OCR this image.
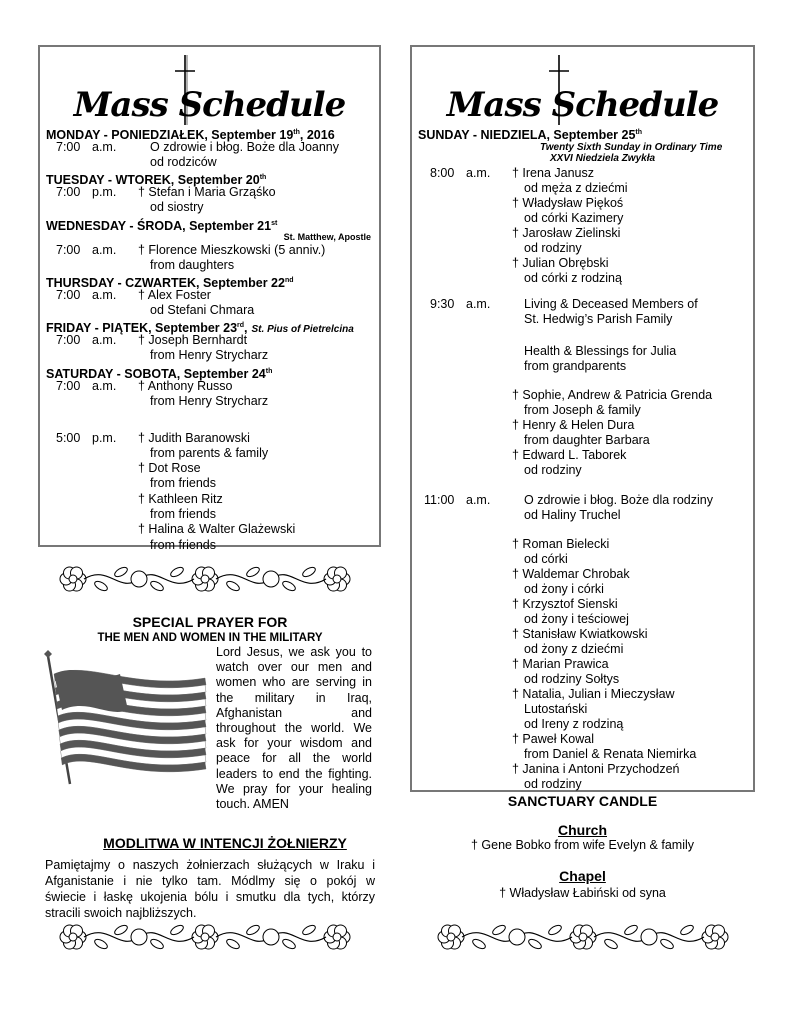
Mass Schedule
MONDAY - PONIEDZIAŁEK, September 19th, 2016
7:00 a.m.	O zdrowie i błog. Boże dla Joanny
od rodziców
TUESDAY - WTOREK, September 20th
7:00 p.m. † Stefan i Maria Grząśko
od siostry
WEDNESDAY - ŚRODA, September 21st
St. Matthew, Apostle
7:00 a.m. † Florence Mieszkowski (5 anniv.)
from daughters
THURSDAY - CZWARTEK, September 22nd
7:00 a.m. † Alex Foster
od Stefani Chmara
FRIDAY - PIĄTEK, September 23rd, St. Pius of Pietrelcina
7:00 a.m. † Joseph Bernhardt
from Henry Strycharz
SATURDAY - SOBOTA, September 24th
7:00 a.m. † Anthony Russo
from Henry Strycharz
5:00 p.m. † Judith Baranowski
from parents & family
† Dot Rose
from friends
† Kathleen Ritz
from friends
† Halina & Walter Glażewski
from friends
Mass Schedule
SUNDAY - NIEDZIELA, September 25th
Twenty Sixth Sunday in Ordinary Time
XXVI Niedziela Zwykła
8:00 a.m. † Irena Janusz
od męża z dziećmi
† Władysław Piękoś
od córki Kazimery
† Jarosław Zielinski
od rodziny
† Julian Obrębski
od córki z rodziną
9:30 a.m.	Living & Deceased Members of
St. Hedwig’s Parish Family
Health & Blessings for Julia
from grandparents
† Sophie, Andrew & Patricia Grenda
from Joseph & family
† Henry & Helen Dura
from daughter Barbara
† Edward L. Taborek
od rodziny
11:00 a.m.	O zdrowie i błog. Boże dla rodziny
od Haliny Truchel
† Roman Bielecki
od córki
† Waldemar Chrobak
od żony i córki
† Krzysztof Sienski
od żony i teściowej
† Stanisław Kwiatkowski
od żony z dziećmi
† Marian Prawica
od rodziny Sołtys
† Natalia, Julian i Mieczysław
Lutostański
od Ireny z rodziną
† Paweł Kowal
from Daniel & Renata Niemirka
† Janina i Antoni Przychodzeń
od rodziny
SPECIAL PRAYER FOR
THE MEN AND WOMEN IN THE MILITARY
Lord Jesus, we ask you to
watch over our men and
women who are serving in
the military in Iraq,
Afghanistan and
throughout the world. We
ask for your wisdom and
peace for all the world
leaders to end the fighting.
We pray for your healing
touch. AMEN
MODLITWA W INTENCJI ŻOŁNIERZY
Pamiętajmy o naszych żołnierzach służących w Iraku i
Afganistanie i nie tylko tam. Módlmy się o pokój w
świecie i łaskę ukojenia bólu i smutku dla tych, którzy
stracili swoich najbliższych.
SANCTUARY CANDLE
Church
† Gene Bobko from wife Evelyn & family
Chapel
† Władysław Łabiński od syna
